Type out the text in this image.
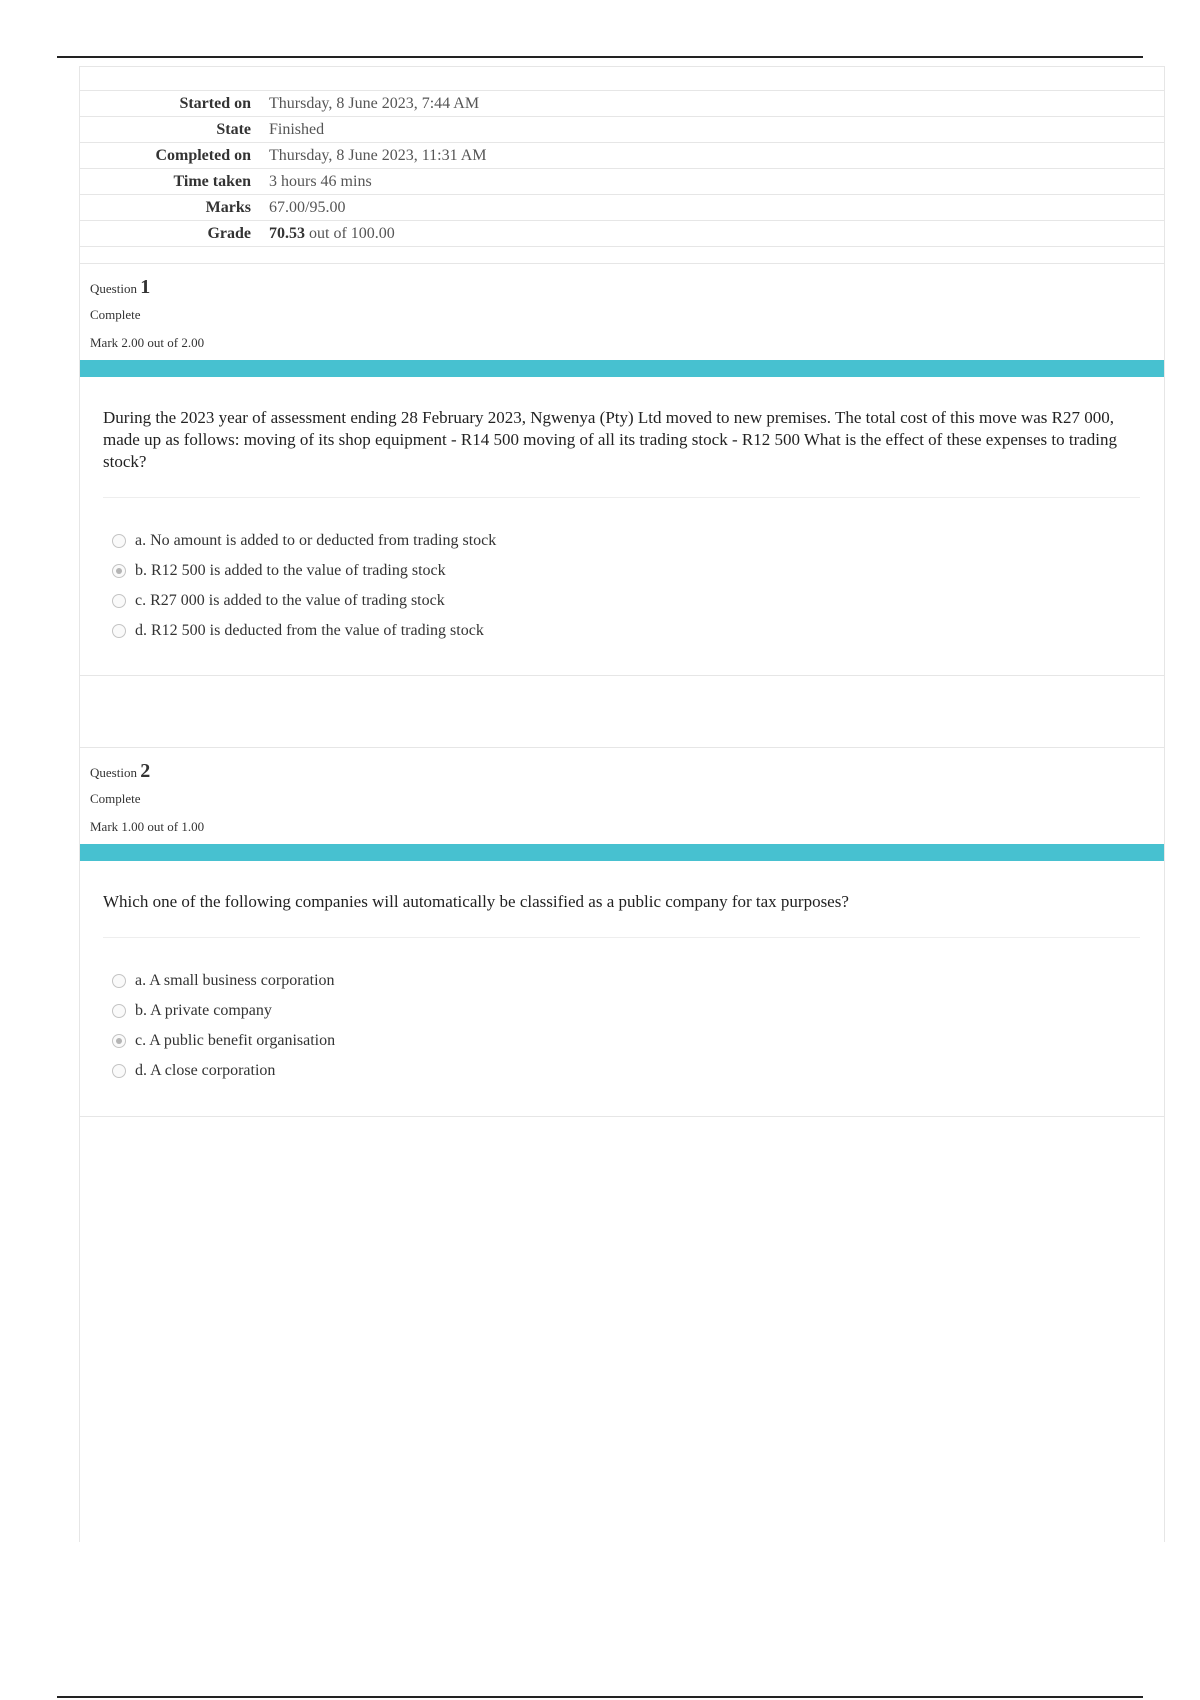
Started on	Thursday, 8 June 2023, 7:44 AM
State	Finished
Completed on	Thursday, 8 June 2023, 11:31 AM
Time taken	3 hours 46 mins
Marks	67.00/95.00
Grade	70.53 out of 100.00
Question 1
Complete
Mark 2.00 out of 2.00
During the 2023 year of assessment ending 28 February 2023, Ngwenya (Pty) Ltd moved to new premises. The total cost of this move was R27 000, made up as follows: moving of its shop equipment - R14 500 moving of all its trading stock - R12 500 What is the effect of these expenses to trading stock?
a. No amount is added to or deducted from trading stock
b. R12 500 is added to the value of trading stock
c. R27 000 is added to the value of trading stock
d. R12 500 is deducted from the value of trading stock
Question 2
Complete
Mark 1.00 out of 1.00
Which one of the following companies will automatically be classified as a public company for tax purposes?
a. A small business corporation
b. A private company
c. A public benefit organisation
d. A close corporation
